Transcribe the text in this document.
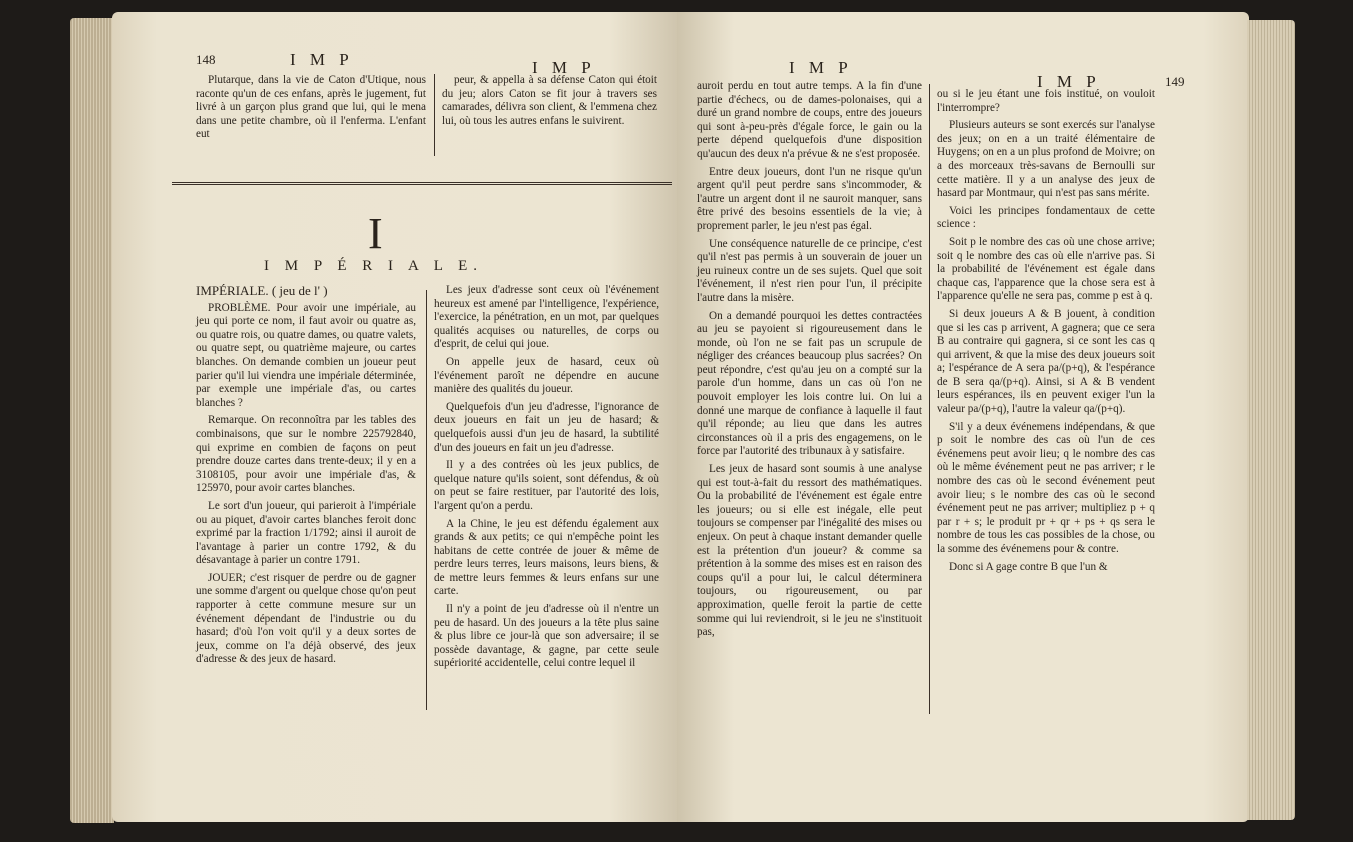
148	I M P	I M P

Plutarque, dans la vie de Caton d'Utique, nous raconte qu'un de ces enfans, après le jugement, fut livré à un garçon plus grand que lui, qui le mena dans une petite chambre, où il l'enferma. L'enfant eut

peur, & appella à sa défense Caton qui étoit du jeu; alors Caton se fit jour à travers ses camarades, délivra son client, & l'emmena chez lui, où tous les autres enfans le suivirent.

I
I M P É R I A L E.

IMPÉRIALE. ( jeu de l' )

PROBLÈME. Pour avoir une impériale, au jeu qui porte ce nom, il faut avoir ou quatre as, ou quatre rois, ou quatre dames, ou quatre valets, ou quatre sept, ou quatrième majeure, ou cartes blanches. On demande combien un joueur peut parier qu'il lui viendra une impériale déterminée, par exemple une impériale d'as, ou cartes blanches ?

Remarque. On reconnoîtra par les tables des combinaisons, que sur le nombre 225792840, qui exprime en combien de façons on peut prendre douze cartes dans trente-deux; il y en a 3108105, pour avoir une impériale d'as, & 125970, pour avoir cartes blanches.

Le sort d'un joueur, qui parieroit à l'impériale ou au piquet, d'avoir cartes blanches feroit donc exprimé par la fraction 1/1792; ainsi il auroit de l'avantage à parier un contre 1792, & du désavantage à parier un contre 1791.

JOUER; c'est risquer de perdre ou de gagner une somme d'argent ou quelque chose qu'on peut rapporter à cette commune mesure sur un événement dépendant de l'industrie ou du hasard; d'où l'on voit qu'il y a deux sortes de jeux, comme on l'a déjà observé, des jeux d'adresse & des jeux de hasard.

Les jeux d'adresse sont ceux où l'événement heureux est amené par l'intelligence, l'expérience, l'exercice, la pénétration, en un mot, par quelques qualités acquises ou naturelles, de corps ou d'esprit, de celui qui joue.

On appelle jeux de hasard, ceux où l'événement paroît ne dépendre en aucune manière des qualités du joueur.

Quelquefois d'un jeu d'adresse, l'ignorance de deux joueurs en fait un jeu de hasard; & quelquefois aussi d'un jeu de hasard, la subtilité d'un des joueurs en fait un jeu d'adresse.

Il y a des contrées où les jeux publics, de quelque nature qu'ils soient, sont défendus, & où on peut se faire restituer, par l'autorité des lois, l'argent qu'on a perdu.

A la Chine, le jeu est défendu également aux grands & aux petits; ce qui n'empêche point les habitans de cette contrée de jouer & même de perdre leurs terres, leurs maisons, leurs biens, & de mettre leurs femmes & leurs enfans sur une carte.

Il n'y a point de jeu d'adresse où il n'entre un peu de hasard. Un des joueurs a la tête plus saine & plus libre ce jour-là que son adversaire; il se possède davantage, & gagne, par cette seule supériorité accidentelle, celui contre lequel il

I M P
I M P	149

auroit perdu en tout autre temps. A la fin d'une partie d'échecs, ou de dames-polonaises, qui a duré un grand nombre de coups, entre des joueurs qui sont à-peu-près d'égale force, le gain ou la perte dépend quelquefois d'une disposition qu'aucun des deux n'a prévue & ne s'est proposée.

Entre deux joueurs, dont l'un ne risque qu'un argent qu'il peut perdre sans s'incommoder, & l'autre un argent dont il ne sauroit manquer, sans être privé des besoins essentiels de la vie; à proprement parler, le jeu n'est pas égal.

Une conséquence naturelle de ce principe, c'est qu'il n'est pas permis à un souverain de jouer un jeu ruineux contre un de ses sujets. Quel que soit l'événement, il n'est rien pour l'un, il précipite l'autre dans la misère.

On a demandé pourquoi les dettes contractées au jeu se payoient si rigoureusement dans le monde, où l'on ne se fait pas un scrupule de négliger des créances beaucoup plus sacrées? On peut répondre, c'est qu'au jeu on a compté sur la parole d'un homme, dans un cas où l'on ne pouvoit employer les lois contre lui. On lui a donné une marque de confiance à laquelle il faut qu'il réponde; au lieu que dans les autres circonstances où il a pris des engagemens, on le force par l'autorité des tribunaux à y satisfaire.

Les jeux de hasard sont soumis à une analyse qui est tout-à-fait du ressort des mathématiques. Ou la probabilité de l'événement est égale entre les joueurs; ou si elle est inégale, elle peut toujours se compenser par l'inégalité des mises ou enjeux. On peut à chaque instant demander quelle est la prétention d'un joueur? & comme sa prétention à la somme des mises est en raison des coups qu'il a pour lui, le calcul déterminera toujours, ou rigoureusement, ou par approximation, quelle feroit la partie de cette somme qui lui reviendroit, si le jeu ne s'instituoit pas,

ou si le jeu étant une fois institué, on vouloit l'interrompre?

Plusieurs auteurs se sont exercés sur l'analyse des jeux; on en a un traité élémentaire de Huygens; on en a un plus profond de Moivre; on a des morceaux très-savans de Bernoulli sur cette matière. Il y a un analyse des jeux de hasard par Montmaur, qui n'est pas sans mérite.

Voici les principes fondamentaux de cette science :

Soit p le nombre des cas où une chose arrive; soit q le nombre des cas où elle n'arrive pas. Si la probabilité de l'événement est égale dans chaque cas, l'apparence que la chose sera est à l'apparence qu'elle ne sera pas, comme p est à q.

Si deux joueurs A & B jouent, à condition que si les cas p arrivent, A gagnera; que ce sera B au contraire qui gagnera, si ce sont les cas q qui arrivent, & que la mise des deux joueurs soit a; l'espérance de A sera pa/(p+q), & l'espérance de B sera qa/(p+q). Ainsi, si A & B vendent leurs espérances, ils en peuvent exiger l'un la valeur pa/(p+q), l'autre la valeur qa/(p+q).

S'il y a deux événemens indépendans, & que p soit le nombre des cas où l'un de ces événemens peut avoir lieu; q le nombre des cas où le même événement peut ne pas arriver; r le nombre des cas où le second événement peut avoir lieu; s le nombre des cas où le second événement peut ne pas arriver; multipliez p + q par r + s; le produit pr + qr + ps + qs sera le nombre de tous les cas possibles de la chose, ou la somme des événemens pour & contre.

Donc si A gage contre B que l'un &
